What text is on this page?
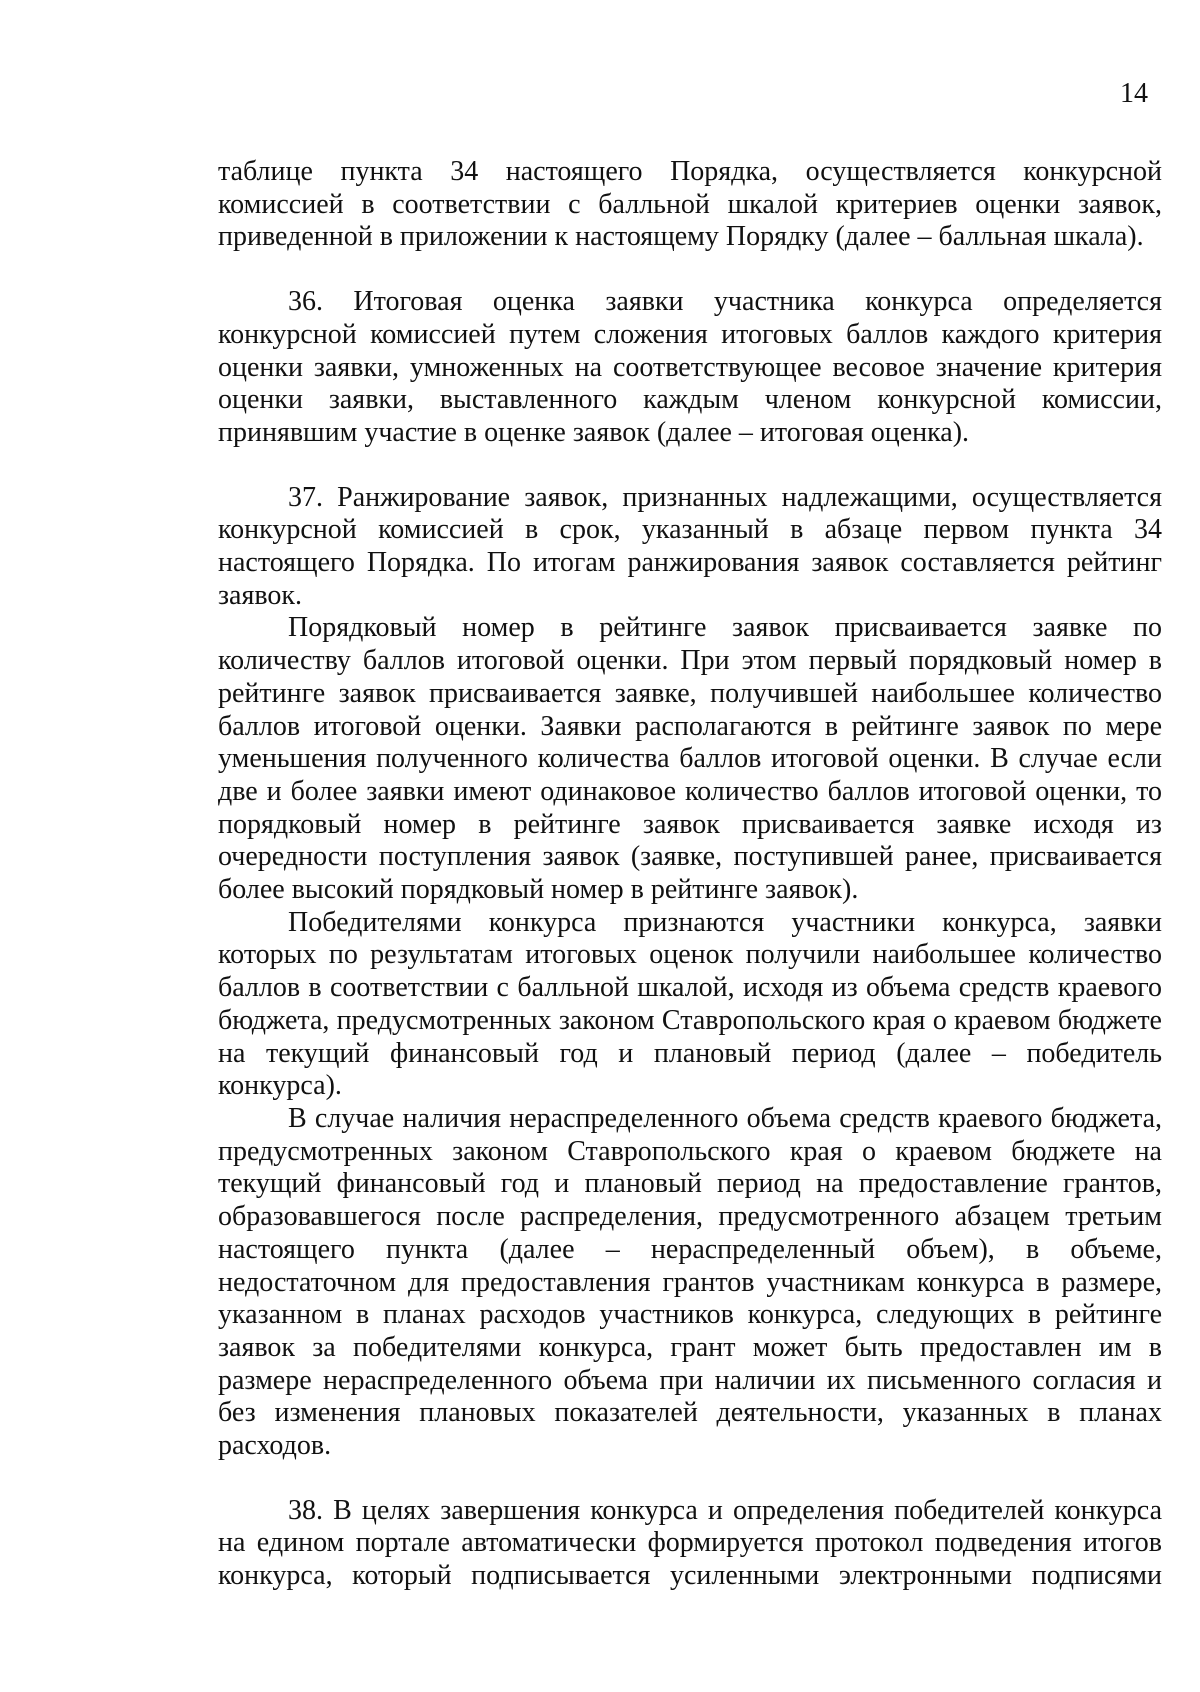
14

таблице пункта 34 настоящего Порядка, осуществляется конкурсной комиссией в соответствии с балльной шкалой критериев оценки заявок, приведенной в приложении к настоящему Порядку (далее – балльная шкала).

36. Итоговая оценка заявки участника конкурса определяется конкурсной комиссией путем сложения итоговых баллов каждого критерия оценки заявки, умноженных на соответствующее весовое значение критерия оценки заявки, выставленного каждым членом конкурсной комиссии, принявшим участие в оценке заявок (далее – итоговая оценка).

37. Ранжирование заявок, признанных надлежащими, осуществляется конкурсной комиссией в срок, указанный в абзаце первом пункта 34 настоящего Порядка. По итогам ранжирования заявок составляется рейтинг заявок.

Порядковый номер в рейтинге заявок присваивается заявке по количеству баллов итоговой оценки. При этом первый порядковый номер в рейтинге заявок присваивается заявке, получившей наибольшее количество баллов итоговой оценки. Заявки располагаются в рейтинге заявок по мере уменьшения полученного количества баллов итоговой оценки. В случае если две и более заявки имеют одинаковое количество баллов итоговой оценки, то порядковый номер в рейтинге заявок присваивается заявке исходя из очередности поступления заявок (заявке, поступившей ранее, присваивается более высокий порядковый номер в рейтинге заявок).

Победителями конкурса признаются участники конкурса, заявки которых по результатам итоговых оценок получили наибольшее количество баллов в соответствии с балльной шкалой, исходя из объема средств краевого бюджета, предусмотренных законом Ставропольского края о краевом бюджете на текущий финансовый год и плановый период (далее – победитель конкурса).

В случае наличия нераспределенного объема средств краевого бюджета, предусмотренных законом Ставропольского края о краевом бюджете на текущий финансовый год и плановый период на предоставление грантов, образовавшегося после распределения, предусмотренного абзацем третьим настоящего пункта (далее – нераспределенный объем), в объеме, недостаточном для предоставления грантов участникам конкурса в размере, указанном в планах расходов участников конкурса, следующих в рейтинге заявок за победителями конкурса, грант может быть предоставлен им в размере нераспределенного объема при наличии их письменного согласия и без изменения плановых показателей деятельности, указанных в планах расходов.

38. В целях завершения конкурса и определения победителей конкурса на едином портале автоматически формируется протокол подведения итогов конкурса, который подписывается усиленными электронными подписями
